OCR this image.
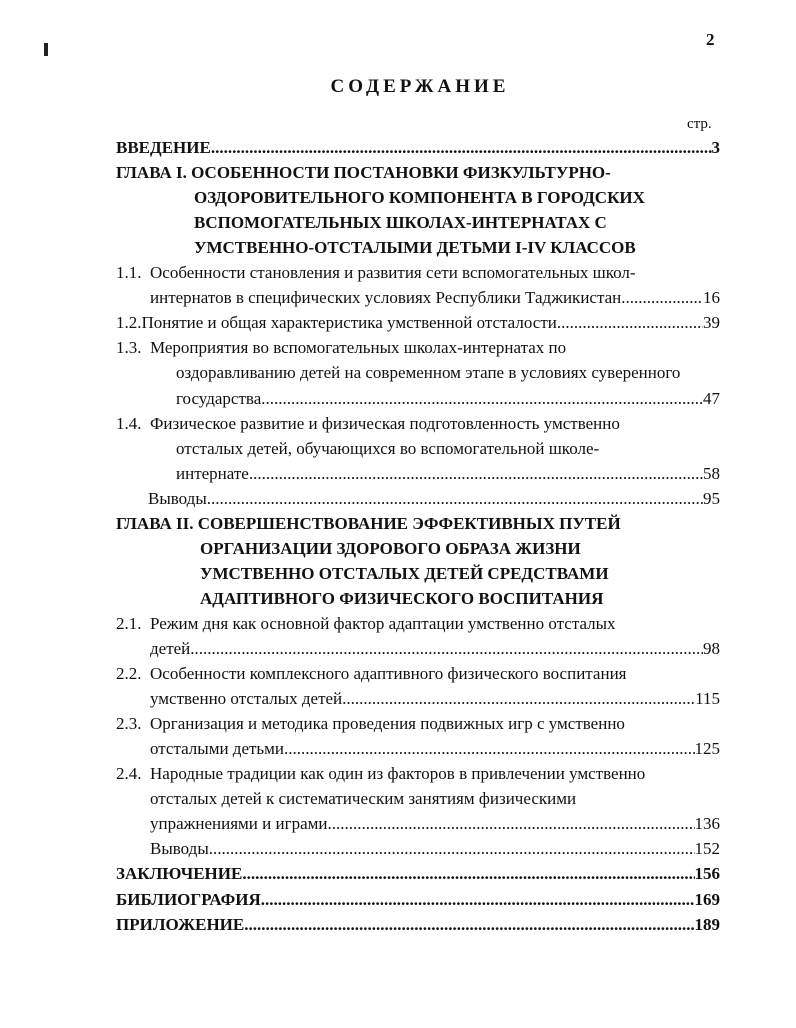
2
СОДЕРЖАНИЕ
стр.
ВВЕДЕНИЕ .....	3
ГЛАВА I. ОСОБЕННОСТИ ПОСТАНОВКИ ФИЗКУЛЬТУРНО-
ОЗДОРОВИТЕЛЬНОГО КОМПОНЕНТА В ГОРОДСКИХ
ВСПОМОГАТЕЛЬНЫХ ШКОЛАХ-ИНТЕРНАТАХ С
УМСТВЕННО-ОТСТАЛЫМИ ДЕТЬМИ I-IV КЛАССОВ
1.1. Особенности становления и развития сети вспомогательных школ-
интернатов в специфических условиях Республики Таджикистан .....	16
1.2. Понятие и общая характеристика умственной отсталости .....	39
1.3. Мероприятия во вспомогательных школах-интернатах по
оздоравливанию детей на современном этапе в условиях суверенного
государства .....	47
1.4. Физическое развитие и физическая подготовленность умственно
отсталых детей, обучающихся во вспомогательной школе-
интернате .....	58
Выводы .....	95
ГЛАВА II. СОВЕРШЕНСТВОВАНИЕ ЭФФЕКТИВНЫХ ПУТЕЙ
ОРГАНИЗАЦИИ ЗДОРОВОГО ОБРАЗА ЖИЗНИ
УМСТВЕННО ОТСТАЛЫХ ДЕТЕЙ СРЕДСТВАМИ
АДАПТИВНОГО ФИЗИЧЕСКОГО ВОСПИТАНИЯ
2.1. Режим дня как основной фактор адаптации умственно отсталых
детей .....	98
2.2. Особенности комплексного адаптивного физического воспитания
умственно отсталых детей .....	115
2.3. Организация и методика проведения подвижных игр с умственно
отсталыми детьми .....	125
2.4. Народные традиции как один из факторов в привлечении умственно
отсталых детей к систематическим занятиям физическими
упражнениями и играми .....	136
Выводы .....	152
ЗАКЛЮЧЕНИЕ .....	156
БИБЛИОГРАФИЯ .....	169
ПРИЛОЖЕНИЕ .....	189
